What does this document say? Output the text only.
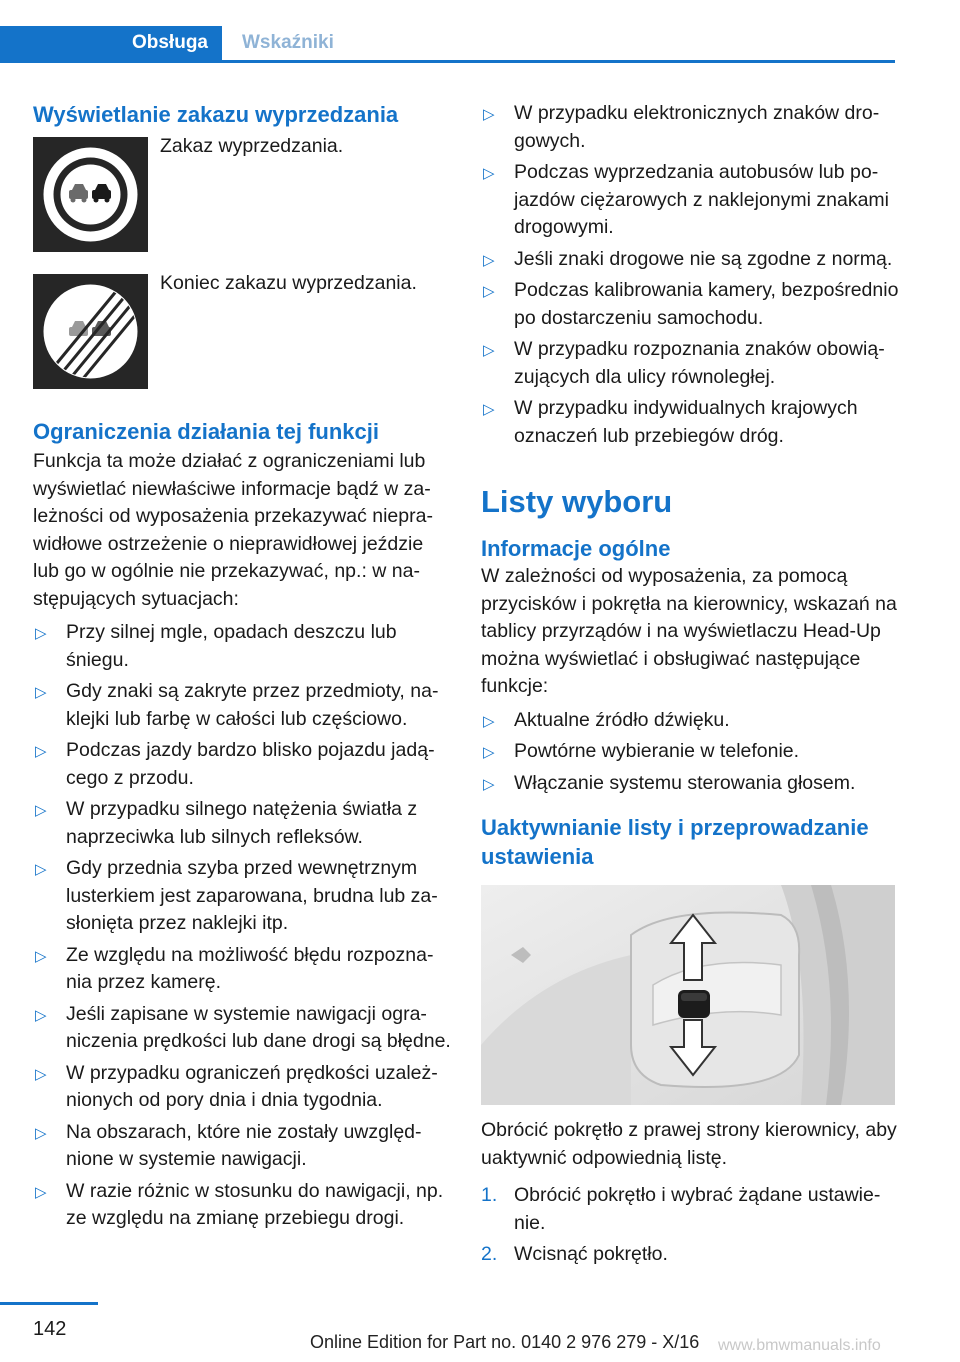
Obsługa	Wskaźniki
Wyświetlanie zakazu wyprzedzania
Zakaz wyprzedzania.
Koniec zakazu wyprzedzania.
Ograniczenia działania tej funkcji

Funkcja ta może działać z ograniczeniami lub wyświetlać niewłaściwe informacje bądź w zależności od wyposażenia przekazywać nieprawidłowe ostrzeżenie o nieprawidłowej jeździe lub go w ogólnie nie przekazywać, np.: w następujących sytuacjach:

▷ Przy silnej mgle, opadach deszczu lub śniegu.
▷ Gdy znaki są zakryte przez przedmioty, naklejki lub farbę w całości lub częściowo.
▷ Podczas jazdy bardzo blisko pojazdu jadącego z przodu.
▷ W przypadku silnego natężenia światła z naprzeciwka lub silnych refleksów.
▷ Gdy przednia szyba przed wewnętrznym lusterkiem jest zaparowana, brudna lub zasłonięta przez naklejki itp.
▷ Ze względu na możliwość błędu rozpoznania przez kamerę.
▷ Jeśli zapisane w systemie nawigacji ograniczenia prędkości lub dane drogi są błędne.
▷ W przypadku ograniczeń prędkości uzależnionych od pory dnia i dnia tygodnia.
▷ Na obszarach, które nie zostały uwzględnione w systemie nawigacji.
▷ W razie różnic w stosunku do nawigacji, np. ze względu na zmianę przebiegu drogi.
▷ W przypadku elektronicznych znaków drogowych.
▷ Podczas wyprzedzania autobusów lub pojazdów ciężarowych z naklejonymi znakami drogowymi.
▷ Jeśli znaki drogowe nie są zgodne z normą.
▷ Podczas kalibrowania kamery, bezpośrednio po dostarczeniu samochodu.
▷ W przypadku rozpoznania znaków obowiązujących dla ulicy równoległej.
▷ W przypadku indywidualnych krajowych oznaczeń lub przebiegów dróg.
Listy wyboru
Informacje ogólne

W zależności od wyposażenia, za pomocą przycisków i pokrętła na kierownicy, wskazań na tablicy przyrządów i na wyświetlaczu Head-Up można wyświetlać i obsługiwać następujące funkcje:

▷ Aktualne źródło dźwięku.
▷ Powtórne wybieranie w telefonie.
▷ Włączanie systemu sterowania głosem.
Uaktywnianie listy i przeprowadzanie ustawienia

Obrócić pokrętło z prawej strony kierownicy, aby uaktywnić odpowiednią listę.

1. Obrócić pokrętło i wybrać żądane ustawienie.
2. Wcisnąć pokrętło.
142
Online Edition for Part no. 0140 2 976 279 - X/16 www.bmwmanuals.info
